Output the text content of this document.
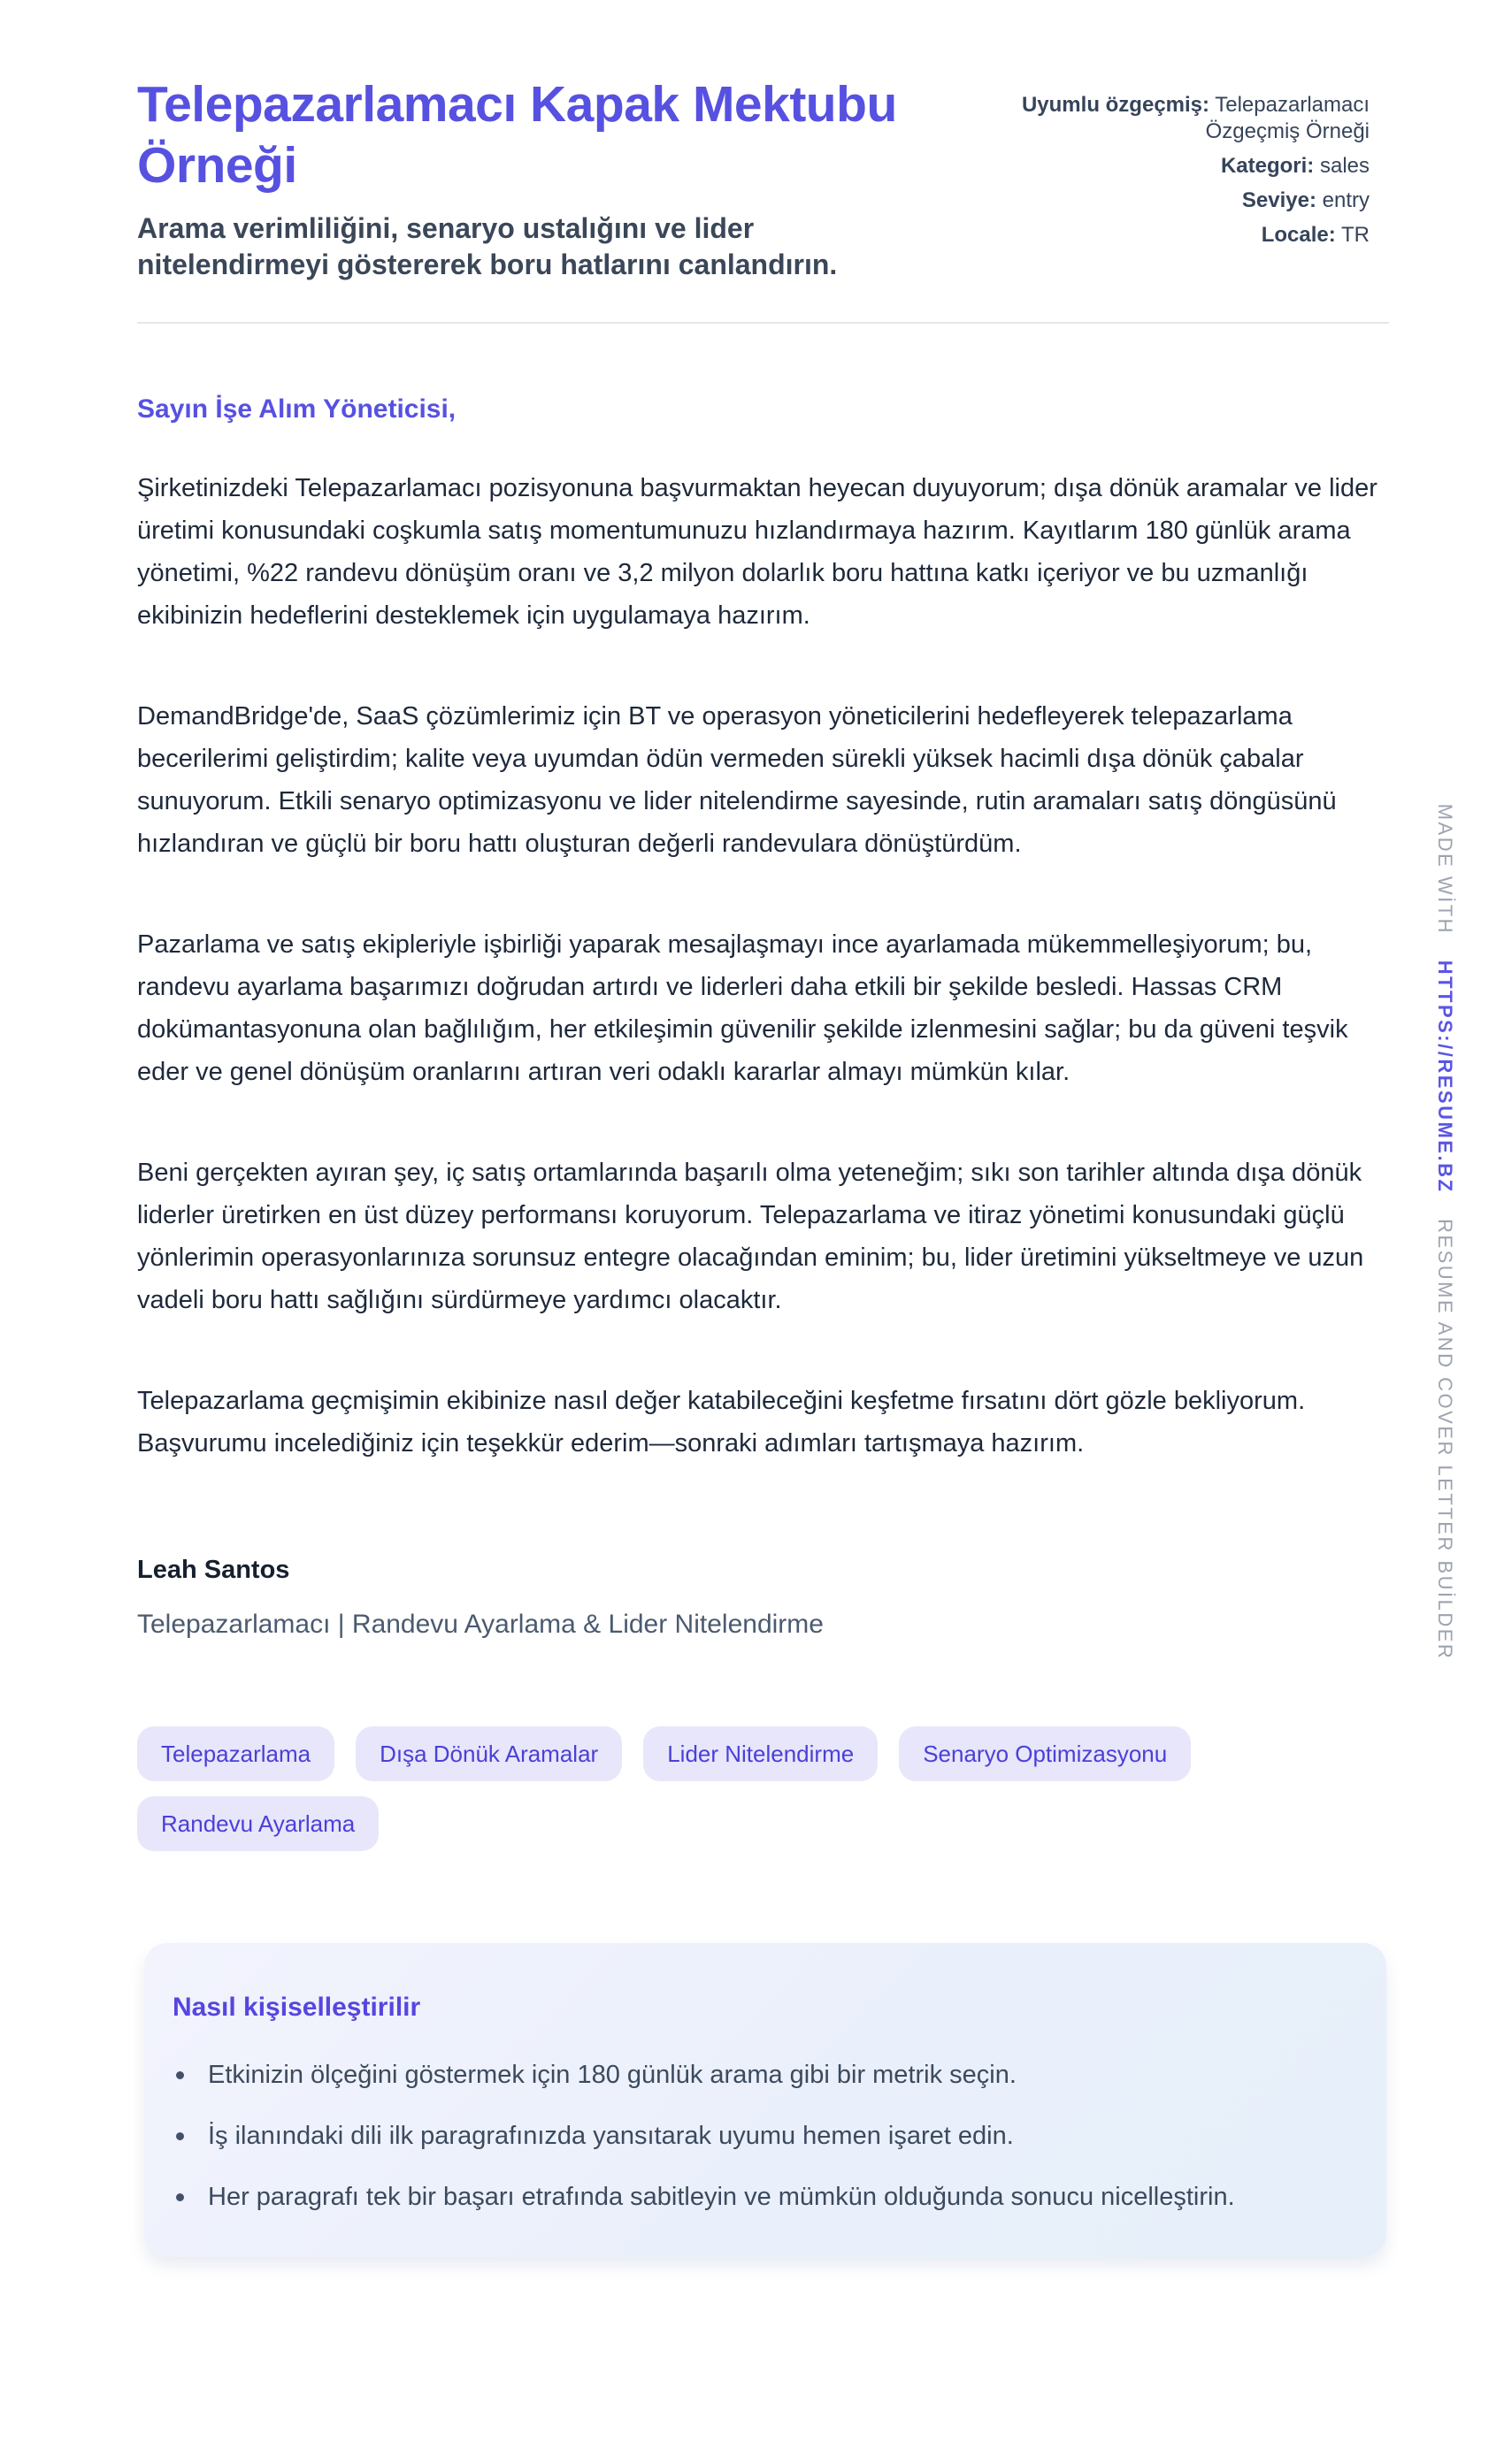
Telepazarlamacı Kapak Mektubu Örneği

Arama verimliliğini, senaryo ustalığını ve lider nitelendirmeyi göstererek boru hatlarını canlandırın.

Uyumlu özgeçmiş: Telepazarlamacı Özgeçmiş Örneği
Kategori: sales
Seviye: entry
Locale: TR

Sayın İşe Alım Yöneticisi,

Şirketinizdeki Telepazarlamacı pozisyonuna başvurmaktan heyecan duyuyorum; dışa dönük aramalar ve lider üretimi konusundaki coşkumla satış momentumunuzu hızlandırmaya hazırım. Kayıtlarım 180 günlük arama yönetimi, %22 randevu dönüşüm oranı ve 3,2 milyon dolarlık boru hattına katkı içeriyor ve bu uzmanlığı ekibinizin hedeflerini desteklemek için uygulamaya hazırım.

DemandBridge'de, SaaS çözümlerimiz için BT ve operasyon yöneticilerini hedefleyerek telepazarlama becerilerimi geliştirdim; kalite veya uyumdan ödün vermeden sürekli yüksek hacimli dışa dönük çabalar sunuyorum. Etkili senaryo optimizasyonu ve lider nitelendirme sayesinde, rutin aramaları satış döngüsünü hızlandıran ve güçlü bir boru hattı oluşturan değerli randevulara dönüştürdüm.

Pazarlama ve satış ekipleriyle işbirliği yaparak mesajlaşmayı ince ayarlamada mükemmelleşiyorum; bu, randevu ayarlama başarımızı doğrudan artırdı ve liderleri daha etkili bir şekilde besledi. Hassas CRM dokümantasyonuna olan bağlılığım, her etkileşimin güvenilir şekilde izlenmesini sağlar; bu da güveni teşvik eder ve genel dönüşüm oranlarını artıran veri odaklı kararlar almayı mümkün kılar.

Beni gerçekten ayıran şey, iç satış ortamlarında başarılı olma yeteneğim; sıkı son tarihler altında dışa dönük liderler üretirken en üst düzey performansı koruyorum. Telepazarlama ve itiraz yönetimi konusundaki güçlü yönlerimin operasyonlarınıza sorunsuz entegre olacağından eminim; bu, lider üretimini yükseltmeye ve uzun vadeli boru hattı sağlığını sürdürmeye yardımcı olacaktır.

Telepazarlama geçmişimin ekibinize nasıl değer katabileceğini keşfetme fırsatını dört gözle bekliyorum. Başvurumu incelediğiniz için teşekkür ederim—sonraki adımları tartışmaya hazırım.

Leah Santos

Telepazarlamacı | Randevu Ayarlama & Lider Nitelendirme

Telepazarlama	Dışa Dönük Aramalar	Lider Nitelendirme	Senaryo Optimizasyonu
Randevu Ayarlama
Nasıl kişiselleştirilir
Etkinizin ölçeğini göstermek için 180 günlük arama gibi bir metrik seçin.
İş ilanındaki dili ilk paragrafınızda yansıtarak uyumu hemen işaret edin.
Her paragrafı tek bir başarı etrafında sabitleyin ve mümkün olduğunda sonucu nicelleştirin.
MADE WİTH HTTPS://RESUME.BZ RESUME AND COVER LETTER BUİLDER
